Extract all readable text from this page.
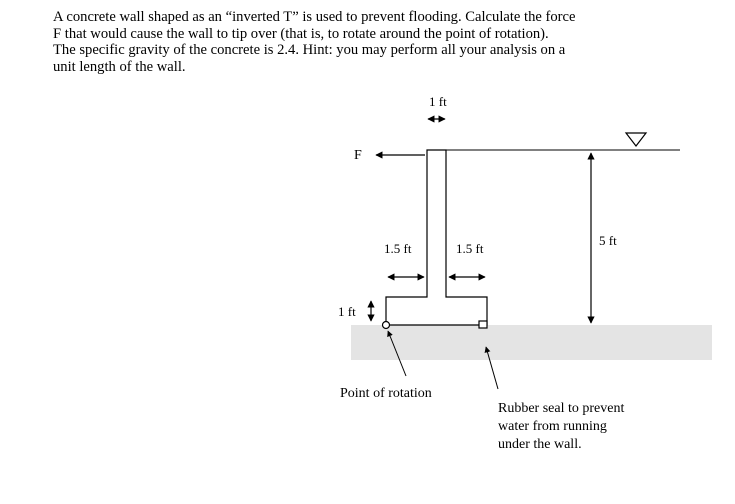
A concrete wall shaped as an “inverted T” is used to prevent flooding. Calculate the force
F that would cause the wall to tip over (that is, to rotate around the point of rotation).
The specific gravity of the concrete is 2.4. Hint: you may perform all your analysis on a
unit length of the wall.
F
1 ft
1.5 ft	1.5 ft
5 ft
1 ft
Point of rotation
Rubber seal to prevent
water from running
under the wall.
